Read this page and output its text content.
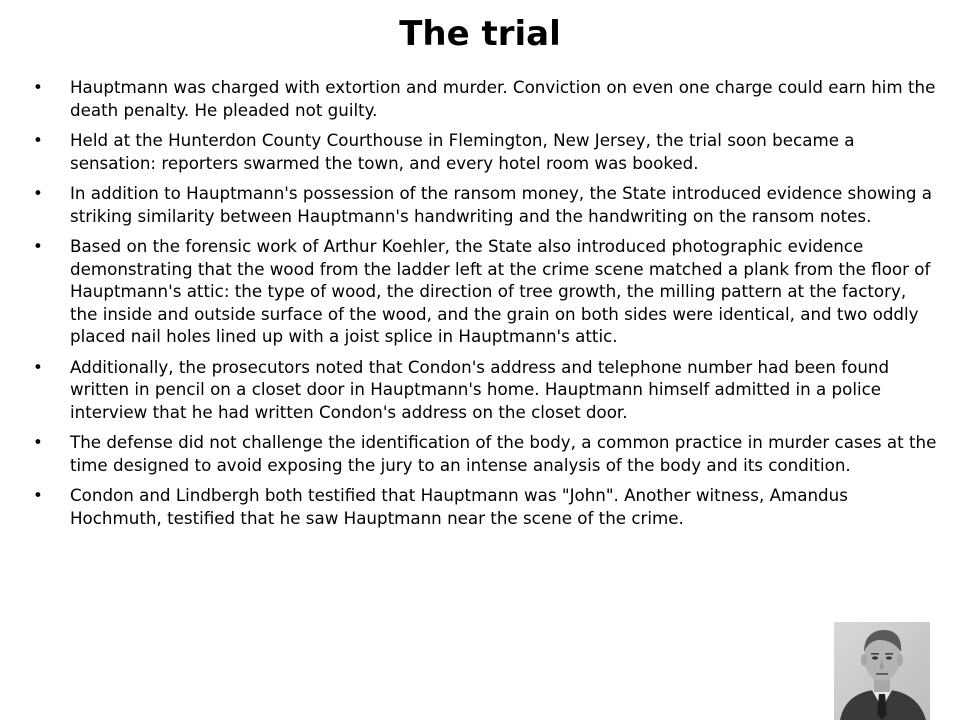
The trial
• Hauptmann was charged with extortion and murder. Conviction on even one charge could earn him the death penalty. He pleaded not guilty.
• Held at the Hunterdon County Courthouse in Flemington, New Jersey, the trial soon became a sensation: reporters swarmed the town, and every hotel room was booked.
• In addition to Hauptmann's possession of the ransom money, the State introduced evidence showing a striking similarity between Hauptmann's handwriting and the handwriting on the ransom notes.
• Based on the forensic work of Arthur Koehler, the State also introduced photographic evidence demonstrating that the wood from the ladder left at the crime scene matched a plank from the floor of Hauptmann's attic: the type of wood, the direction of tree growth, the milling pattern at the factory, the inside and outside surface of the wood, and the grain on both sides were identical, and two oddly placed nail holes lined up with a joist splice in Hauptmann's attic.
• Additionally, the prosecutors noted that Condon's address and telephone number had been found written in pencil on a closet door in Hauptmann's home. Hauptmann himself admitted in a police interview that he had written Condon's address on the closet door.
• The defense did not challenge the identification of the body, a common practice in murder cases at the time designed to avoid exposing the jury to an intense analysis of the body and its condition.
• Condon and Lindbergh both testified that Hauptmann was "John". Another witness, Amandus Hochmuth, testified that he saw Hauptmann near the scene of the crime.
